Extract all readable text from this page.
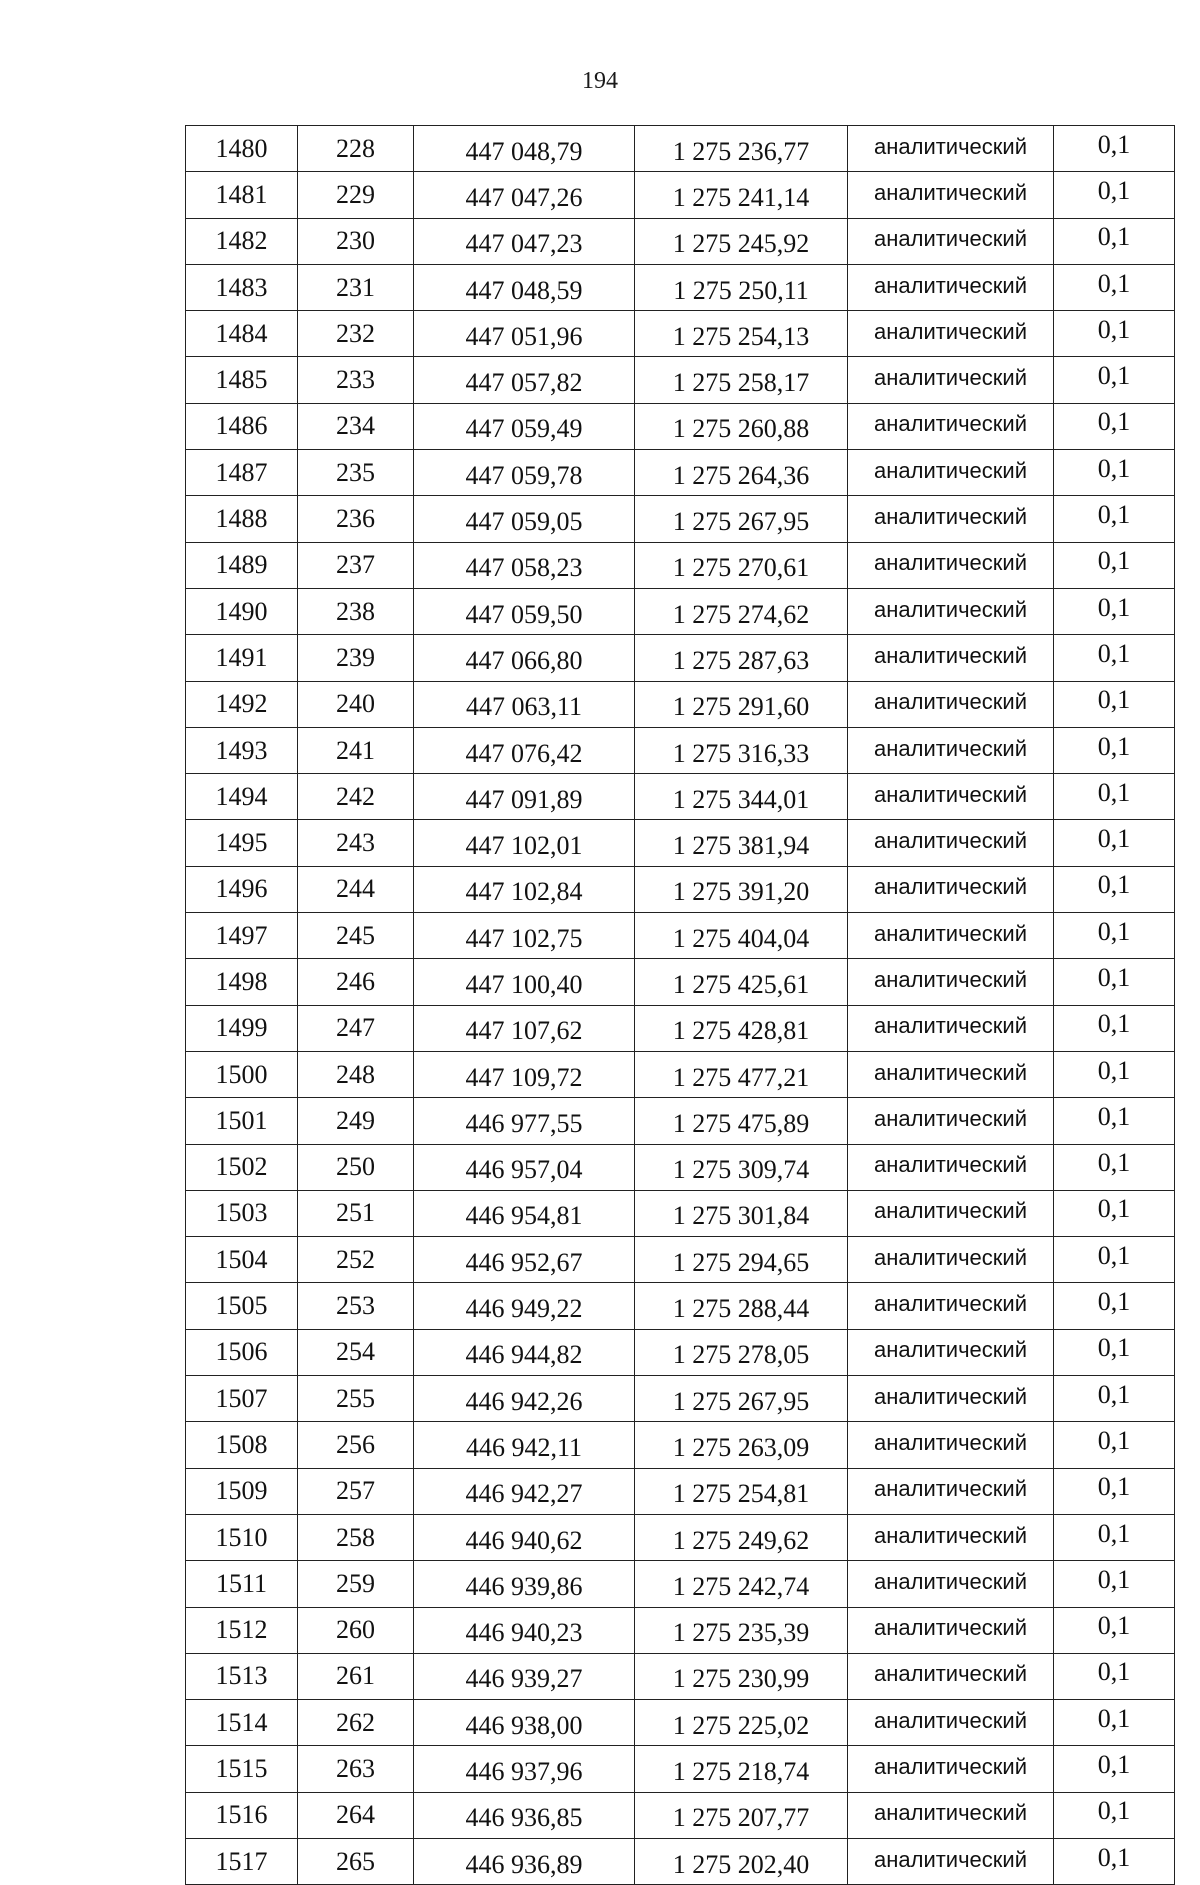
194
1480	228	447 048,79	1 275 236,77	аналитический	0,1
1481	229	447 047,26	1 275 241,14	аналитический	0,1
1482	230	447 047,23	1 275 245,92	аналитический	0,1
1483	231	447 048,59	1 275 250,11	аналитический	0,1
1484	232	447 051,96	1 275 254,13	аналитический	0,1
1485	233	447 057,82	1 275 258,17	аналитический	0,1
1486	234	447 059,49	1 275 260,88	аналитический	0,1
1487	235	447 059,78	1 275 264,36	аналитический	0,1
1488	236	447 059,05	1 275 267,95	аналитический	0,1
1489	237	447 058,23	1 275 270,61	аналитический	0,1
1490	238	447 059,50	1 275 274,62	аналитический	0,1
1491	239	447 066,80	1 275 287,63	аналитический	0,1
1492	240	447 063,11	1 275 291,60	аналитический	0,1
1493	241	447 076,42	1 275 316,33	аналитический	0,1
1494	242	447 091,89	1 275 344,01	аналитический	0,1
1495	243	447 102,01	1 275 381,94	аналитический	0,1
1496	244	447 102,84	1 275 391,20	аналитический	0,1
1497	245	447 102,75	1 275 404,04	аналитический	0,1
1498	246	447 100,40	1 275 425,61	аналитический	0,1
1499	247	447 107,62	1 275 428,81	аналитический	0,1
1500	248	447 109,72	1 275 477,21	аналитический	0,1
1501	249	446 977,55	1 275 475,89	аналитический	0,1
1502	250	446 957,04	1 275 309,74	аналитический	0,1
1503	251	446 954,81	1 275 301,84	аналитический	0,1
1504	252	446 952,67	1 275 294,65	аналитический	0,1
1505	253	446 949,22	1 275 288,44	аналитический	0,1
1506	254	446 944,82	1 275 278,05	аналитический	0,1
1507	255	446 942,26	1 275 267,95	аналитический	0,1
1508	256	446 942,11	1 275 263,09	аналитический	0,1
1509	257	446 942,27	1 275 254,81	аналитический	0,1
1510	258	446 940,62	1 275 249,62	аналитический	0,1
1511	259	446 939,86	1 275 242,74	аналитический	0,1
1512	260	446 940,23	1 275 235,39	аналитический	0,1
1513	261	446 939,27	1 275 230,99	аналитический	0,1
1514	262	446 938,00	1 275 225,02	аналитический	0,1
1515	263	446 937,96	1 275 218,74	аналитический	0,1
1516	264	446 936,85	1 275 207,77	аналитический	0,1
1517	265	446 936,89	1 275 202,40	аналитический	0,1
